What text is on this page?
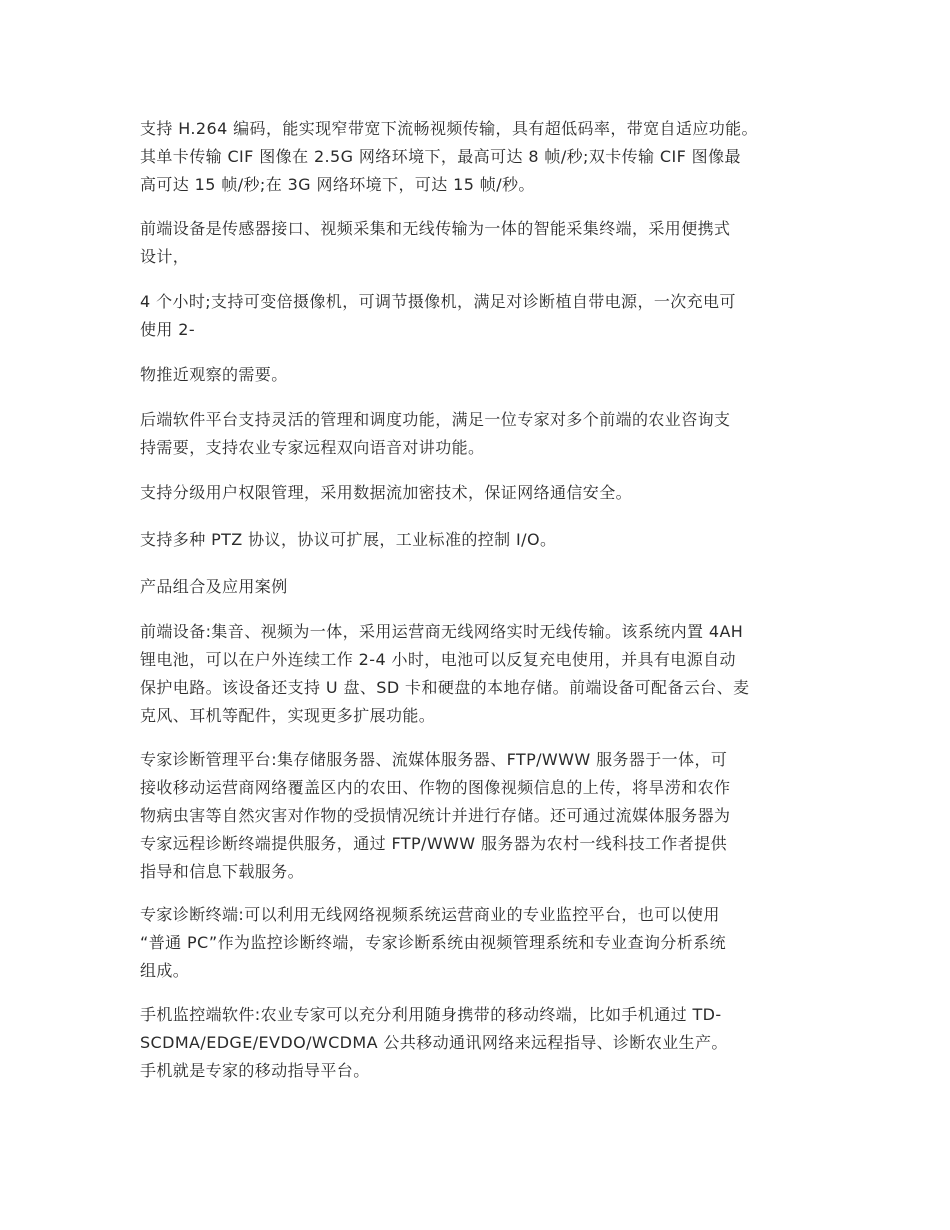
支持 H.264 编码，能实现窄带宽下流畅视频传输，具有超低码率，带宽自适应功能。
其单卡传输 CIF 图像在 2.5G 网络环境下，最高可达 8 帧/秒;双卡传输 CIF 图像最
高可达 15 帧/秒;在 3G 网络环境下，可达 15 帧/秒。

前端设备是传感器接口、视频采集和无线传输为一体的智能采集终端，采用便携式
设计，

4 个小时;支持可变倍摄像机，可调节摄像机，满足对诊断植自带电源，一次充电可
使用 2-

物推近观察的需要。

后端软件平台支持灵活的管理和调度功能，满足一位专家对多个前端的农业咨询支
持需要，支持农业专家远程双向语音对讲功能。

支持分级用户权限管理，采用数据流加密技术，保证网络通信安全。

支持多种 PTZ 协议，协议可扩展，工业标准的控制 I/O。

产品组合及应用案例

前端设备:集音、视频为一体，采用运营商无线网络实时无线传输。该系统内置 4AH
锂电池，可以在户外连续工作 2-4 小时，电池可以反复充电使用，并具有电源自动
保护电路。该设备还支持 U 盘、SD 卡和硬盘的本地存储。前端设备可配备云台、麦
克风、耳机等配件，实现更多扩展功能。

专家诊断管理平台:集存储服务器、流媒体服务器、FTP/WWW 服务器于一体，可
接收移动运营商网络覆盖区内的农田、作物的图像视频信息的上传，将旱涝和农作
物病虫害等自然灾害对作物的受损情况统计并进行存储。还可通过流媒体服务器为
专家远程诊断终端提供服务，通过 FTP/WWW 服务器为农村一线科技工作者提供
指导和信息下载服务。

专家诊断终端:可以利用无线网络视频系统运营商业的专业监控平台，也可以使用
“普通 PC”作为监控诊断终端，专家诊断系统由视频管理系统和专业查询分析系统
组成。

手机监控端软件:农业专家可以充分利用随身携带的移动终端，比如手机通过 TD-
SCDMA/EDGE/EVDO/WCDMA 公共移动通讯网络来远程指导、诊断农业生产。
手机就是专家的移动指导平台。
